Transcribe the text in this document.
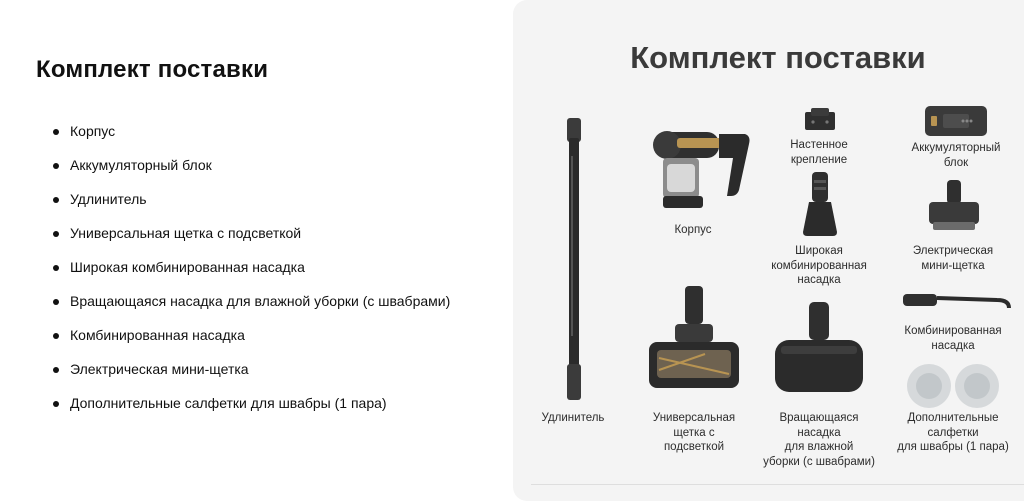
Комплект поставки
Корпус
Аккумуляторный блок
Удлинитель
Универсальная щетка с подсветкой
Широкая комбинированная насадка
Вращающаяся насадка для влажной уборки (с швабрами)
Комбинированная насадка
Электрическая мини-щетка
Дополнительные салфетки для швабры (1 пара)
Комплект поставки
Удлинитель
Корпус
Настенное
крепление
Аккумуляторный
блок
Широкая
комбинированная
насадка
Электрическая
мини-щетка
Комбинированная
насадка
Универсальная
щетка с
подсветкой
Вращающаяся
насадка
для влажной
уборки (с швабрами)
Дополнительные
салфетки
для швабры (1 пара)
